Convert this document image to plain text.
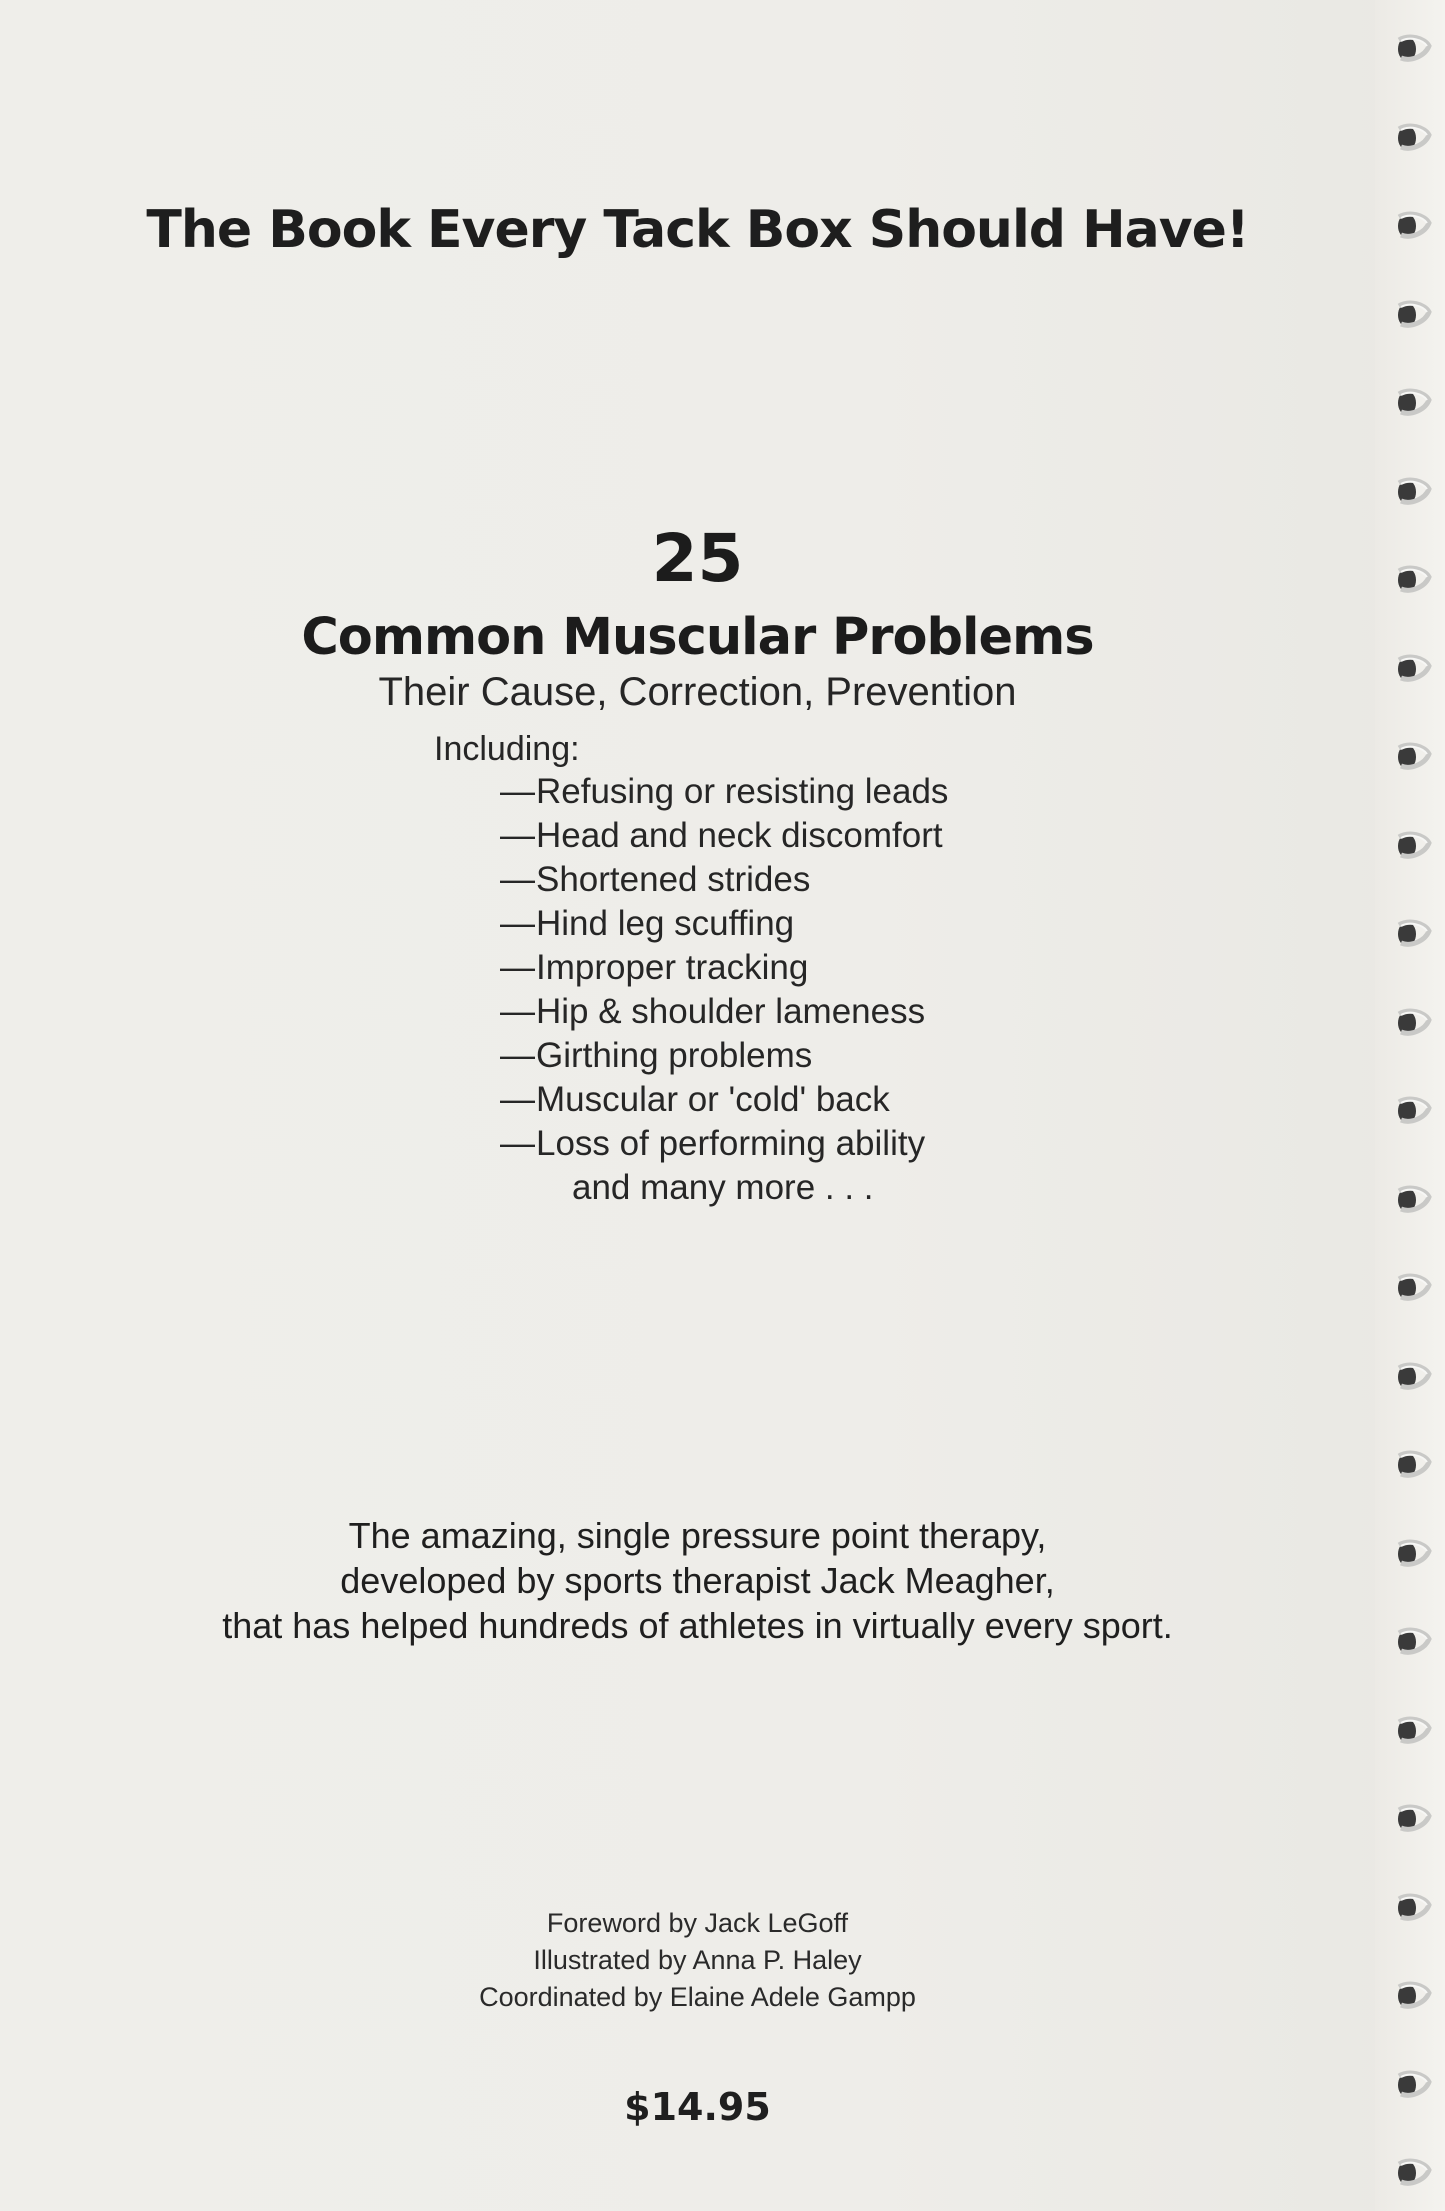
The Book Every Tack Box Should Have!
25
Common Muscular Problems
Their Cause, Correction, Prevention
Including:
—Refusing or resisting leads
—Head and neck discomfort
—Shortened strides
—Hind leg scuffing
—Improper tracking
—Hip & shoulder lameness
—Girthing problems
—Muscular or 'cold' back
—Loss of performing ability
and many more . . .
The amazing, single pressure point therapy,
developed by sports therapist Jack Meagher,
that has helped hundreds of athletes in virtually every sport.
Foreword by Jack LeGoff
Illustrated by Anna P. Haley
Coordinated by Elaine Adele Gampp
$14.95
